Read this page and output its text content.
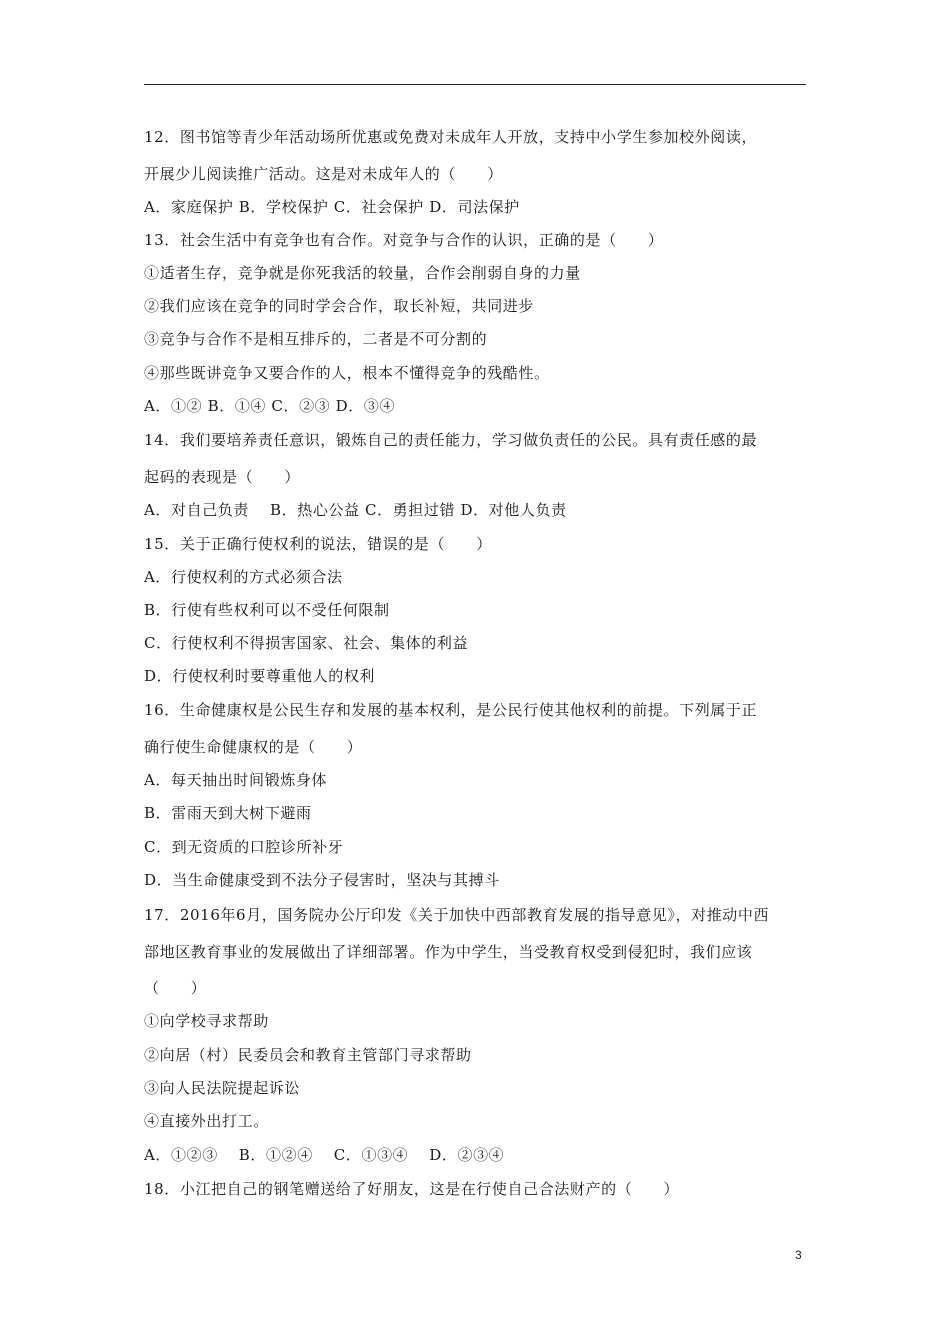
12．图书馆等青少年活动场所优惠或免费对未成年人开放，支持中小学生参加校外阅读，
开展少儿阅读推广活动。这是对未成年人的（　　）
A．家庭保护 B．学校保护 C．社会保护 D．司法保护
13．社会生活中有竞争也有合作。对竞争与合作的认识，正确的是（　　）
①适者生存，竞争就是你死我活的较量，合作会削弱自身的力量
②我们应该在竞争的同时学会合作，取长补短，共同进步
③竞争与合作不是相互排斥的，二者是不可分割的
④那些既讲竞争又要合作的人，根本不懂得竞争的残酷性。
A．①② B．①④ C．②③ D．③④
14．我们要培养责任意识，锻炼自己的责任能力，学习做负责任的公民。具有责任感的最
起码的表现是（　　）
A．对自己负责　 B．热心公益 C．勇担过错 D．对他人负责
15．关于正确行使权利的说法，错误的是（　　）
A．行使权利的方式必须合法
B．行使有些权利可以不受任何限制
C．行使权利不得损害国家、社会、集体的利益
D．行使权利时要尊重他人的权利
16．生命健康权是公民生存和发展的基本权利，是公民行使其他权利的前提。下列属于正
确行使生命健康权的是（　　）
A．每天抽出时间锻炼身体
B．雷雨天到大树下避雨
C．到无资质的口腔诊所补牙
D．当生命健康受到不法分子侵害时，坚决与其搏斗
17．2016年6月，国务院办公厅印发《关于加快中西部教育发展的指导意见》，对推动中西
部地区教育事业的发展做出了详细部署。作为中学生，当受教育权受到侵犯时，我们应该
（　　）
①向学校寻求帮助
②向居（村）民委员会和教育主管部门寻求帮助
③向人民法院提起诉讼
④直接外出打工。
A．①②③　 B．①②④　 C．①③④　 D．②③④
18．小江把自己的钢笔赠送给了好朋友，这是在行使自己合法财产的（　　）
3
